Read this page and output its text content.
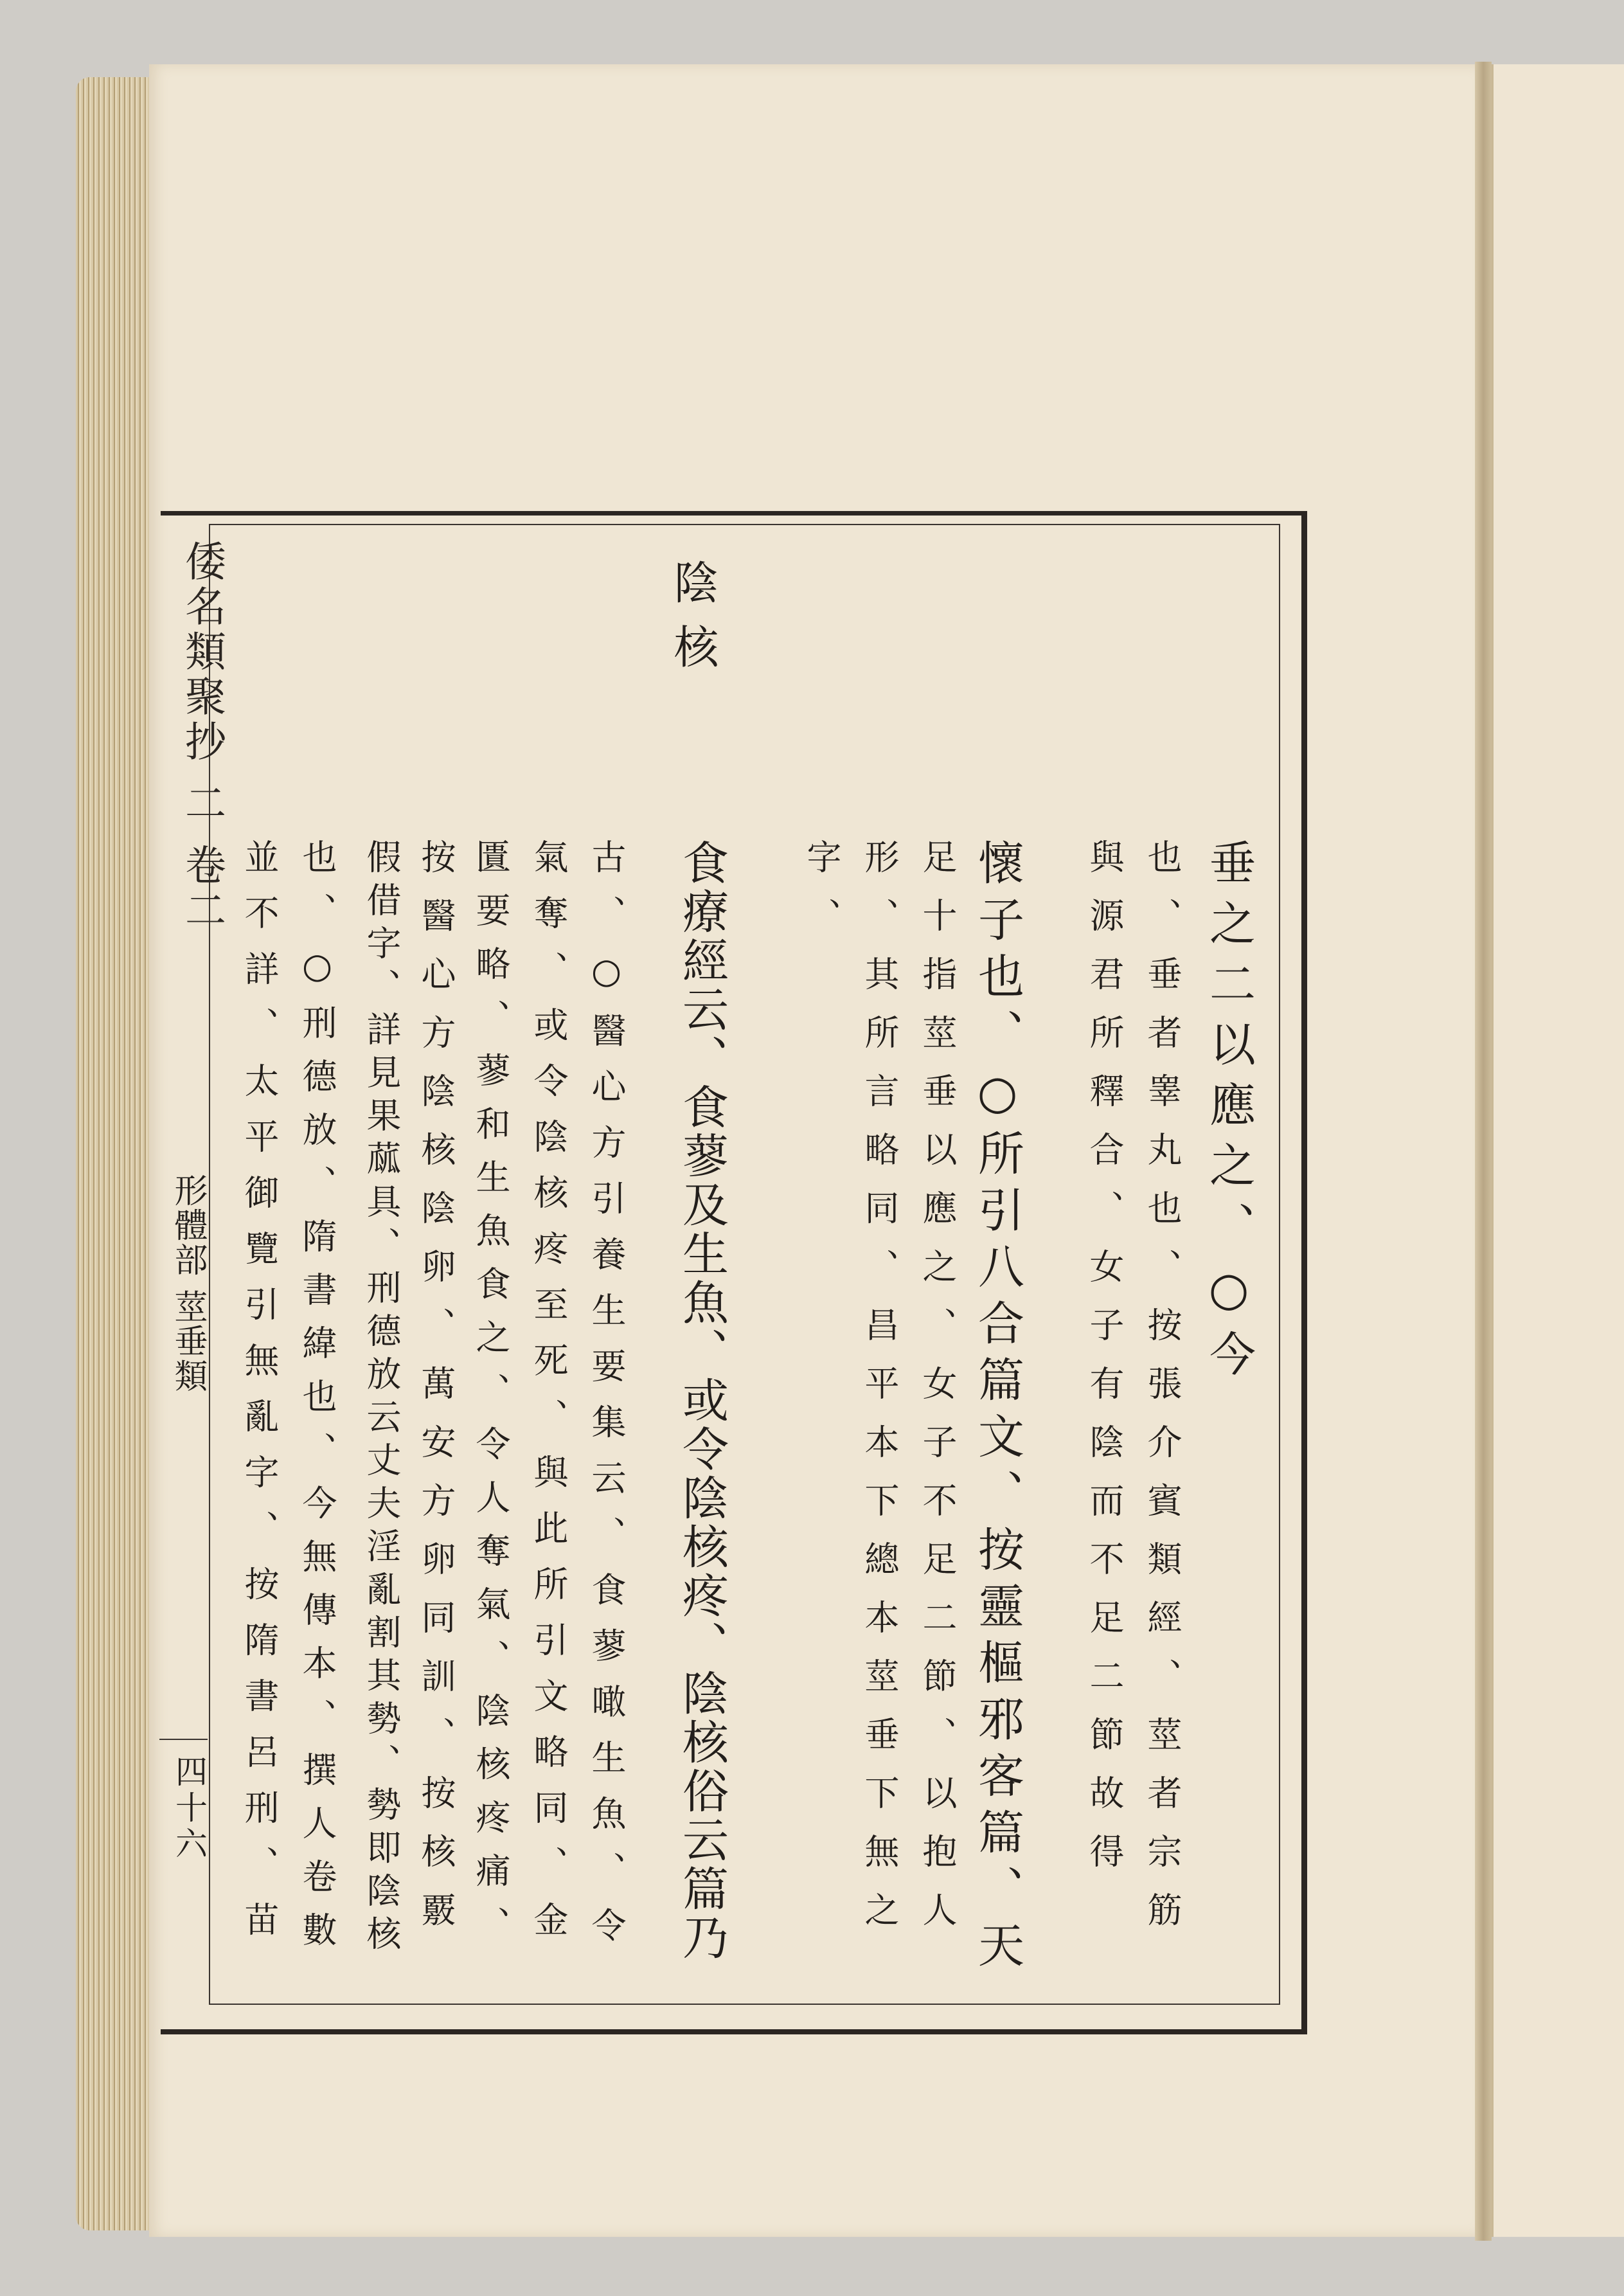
倭名類聚抄 二 卷二
形體部 莖垂類
四十六
陰核
垂之二以應之、○今
也、垂者睾丸也、按張介賓類經、莖者宗筋
與源君所釋合、女子有陰而不足二節故得
懷子也、○所引八合篇文、按靈樞邪客篇、天
足十指莖垂以應之、女子不足二節、以抱人
形、其所言略同、昌平本下總本莖垂下無之
字、
食療經云、食蓼及生魚、或令陰核疼、陰核俗云篇乃
古、○醫心方引養生要集云、食蓼噉生魚、令
氣奪、或令陰核疼至死、與此所引文略同、金
匱要略、蓼和生魚食之、令人奪氣、陰核疼痛、
按醫心方陰核陰卵、萬安方卵同訓、按核覈
假借字、詳見果蓏具、刑德放云丈夫淫亂割其勢、勢即陰核
也、○刑德放、隋書緯也、今無傳本、撰人卷數
並不詳、太平御覽引無亂字、按隋書呂刑、苗
